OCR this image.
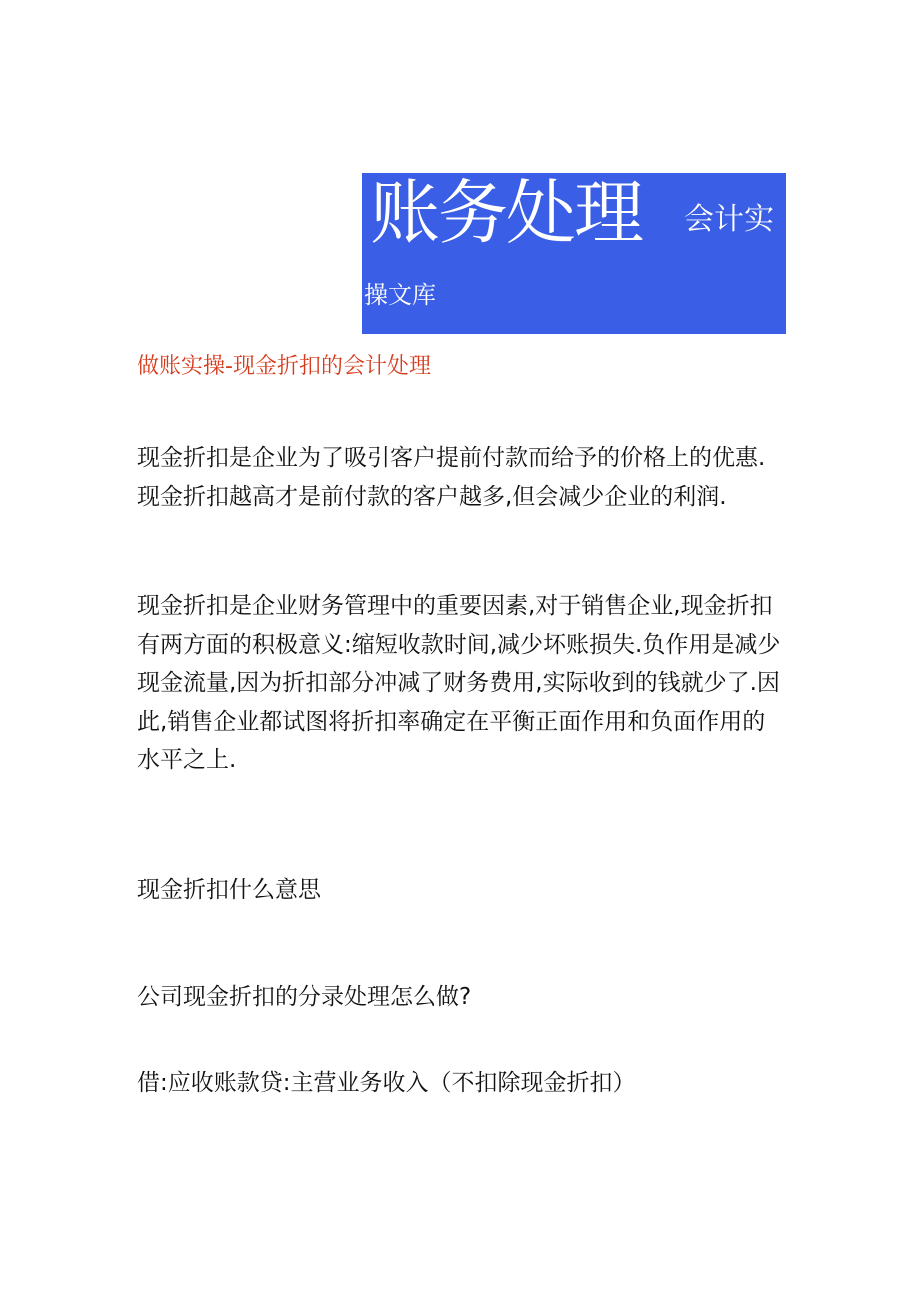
账务处理 会计实
操文库
做账实操-现金折扣的会计处理
现金折扣是企业为了吸引客户提前付款而给予的价格上的优惠.
现金折扣越高才是前付款的客户越多,但会减少企业的利润.
现金折扣是企业财务管理中的重要因素,对于销售企业,现金折扣
有两方面的积极意义:缩短收款时间,减少坏账损失.负作用是减少
现金流量,因为折扣部分冲减了财务费用,实际收到的钱就少了.因
此,销售企业都试图将折扣率确定在平衡正面作用和负面作用的
水平之上.
现金折扣什么意思
公司现金折扣的分录处理怎么做?
借:应收账款贷:主营业务收入（不扣除现金折扣）
